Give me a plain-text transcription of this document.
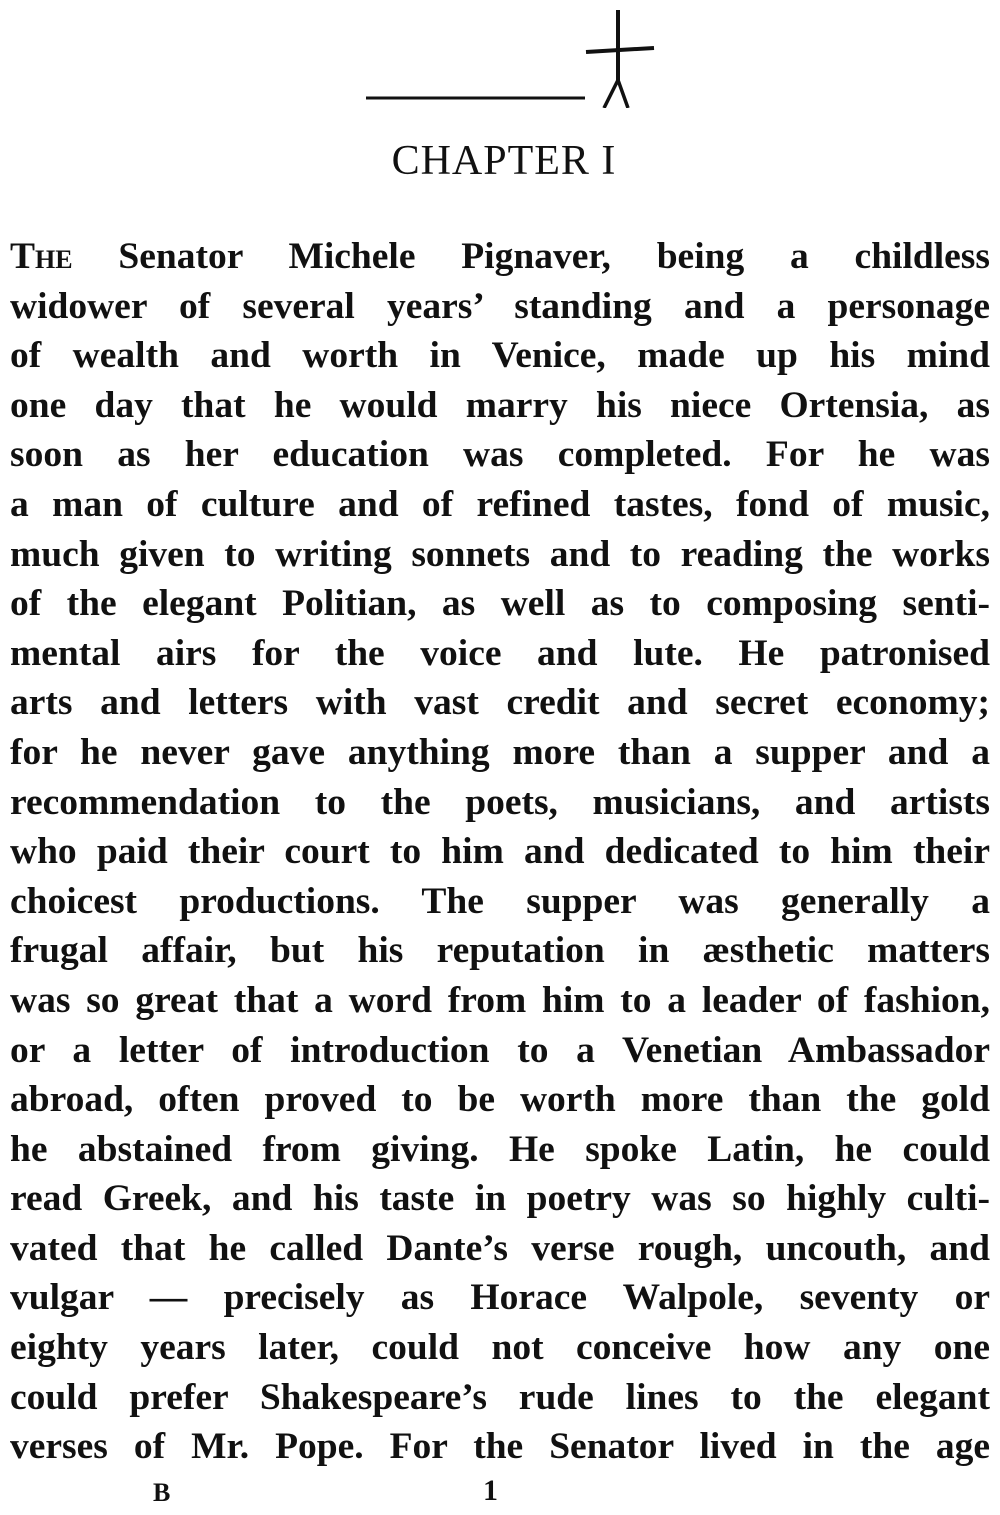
CHAPTER I
The Senator Michele Pignaver, being a childless
widower of several years’ standing and a personage
of wealth and worth in Venice, made up his mind
one day that he would marry his niece Ortensia, as
soon as her education was completed. For he was
a man of culture and of refined tastes, fond of music,
much given to writing sonnets and to reading the works
of the elegant Politian, as well as to composing senti-
mental airs for the voice and lute. He patronised
arts and letters with vast credit and secret economy;
for he never gave anything more than a supper and a
recommendation to the poets, musicians, and artists
who paid their court to him and dedicated to him their
choicest productions. The supper was generally a
frugal affair, but his reputation in æsthetic matters
was so great that a word from him to a leader of fashion,
or a letter of introduction to a Venetian Ambassador
abroad, often proved to be worth more than the gold
he abstained from giving. He spoke Latin, he could
read Greek, and his taste in poetry was so highly culti-
vated that he called Dante’s verse rough, uncouth, and
vulgar — precisely as Horace Walpole, seventy or
eighty years later, could not conceive how any one
could prefer Shakespeare’s rude lines to the elegant
verses of Mr. Pope. For the Senator lived in the age
B	1
